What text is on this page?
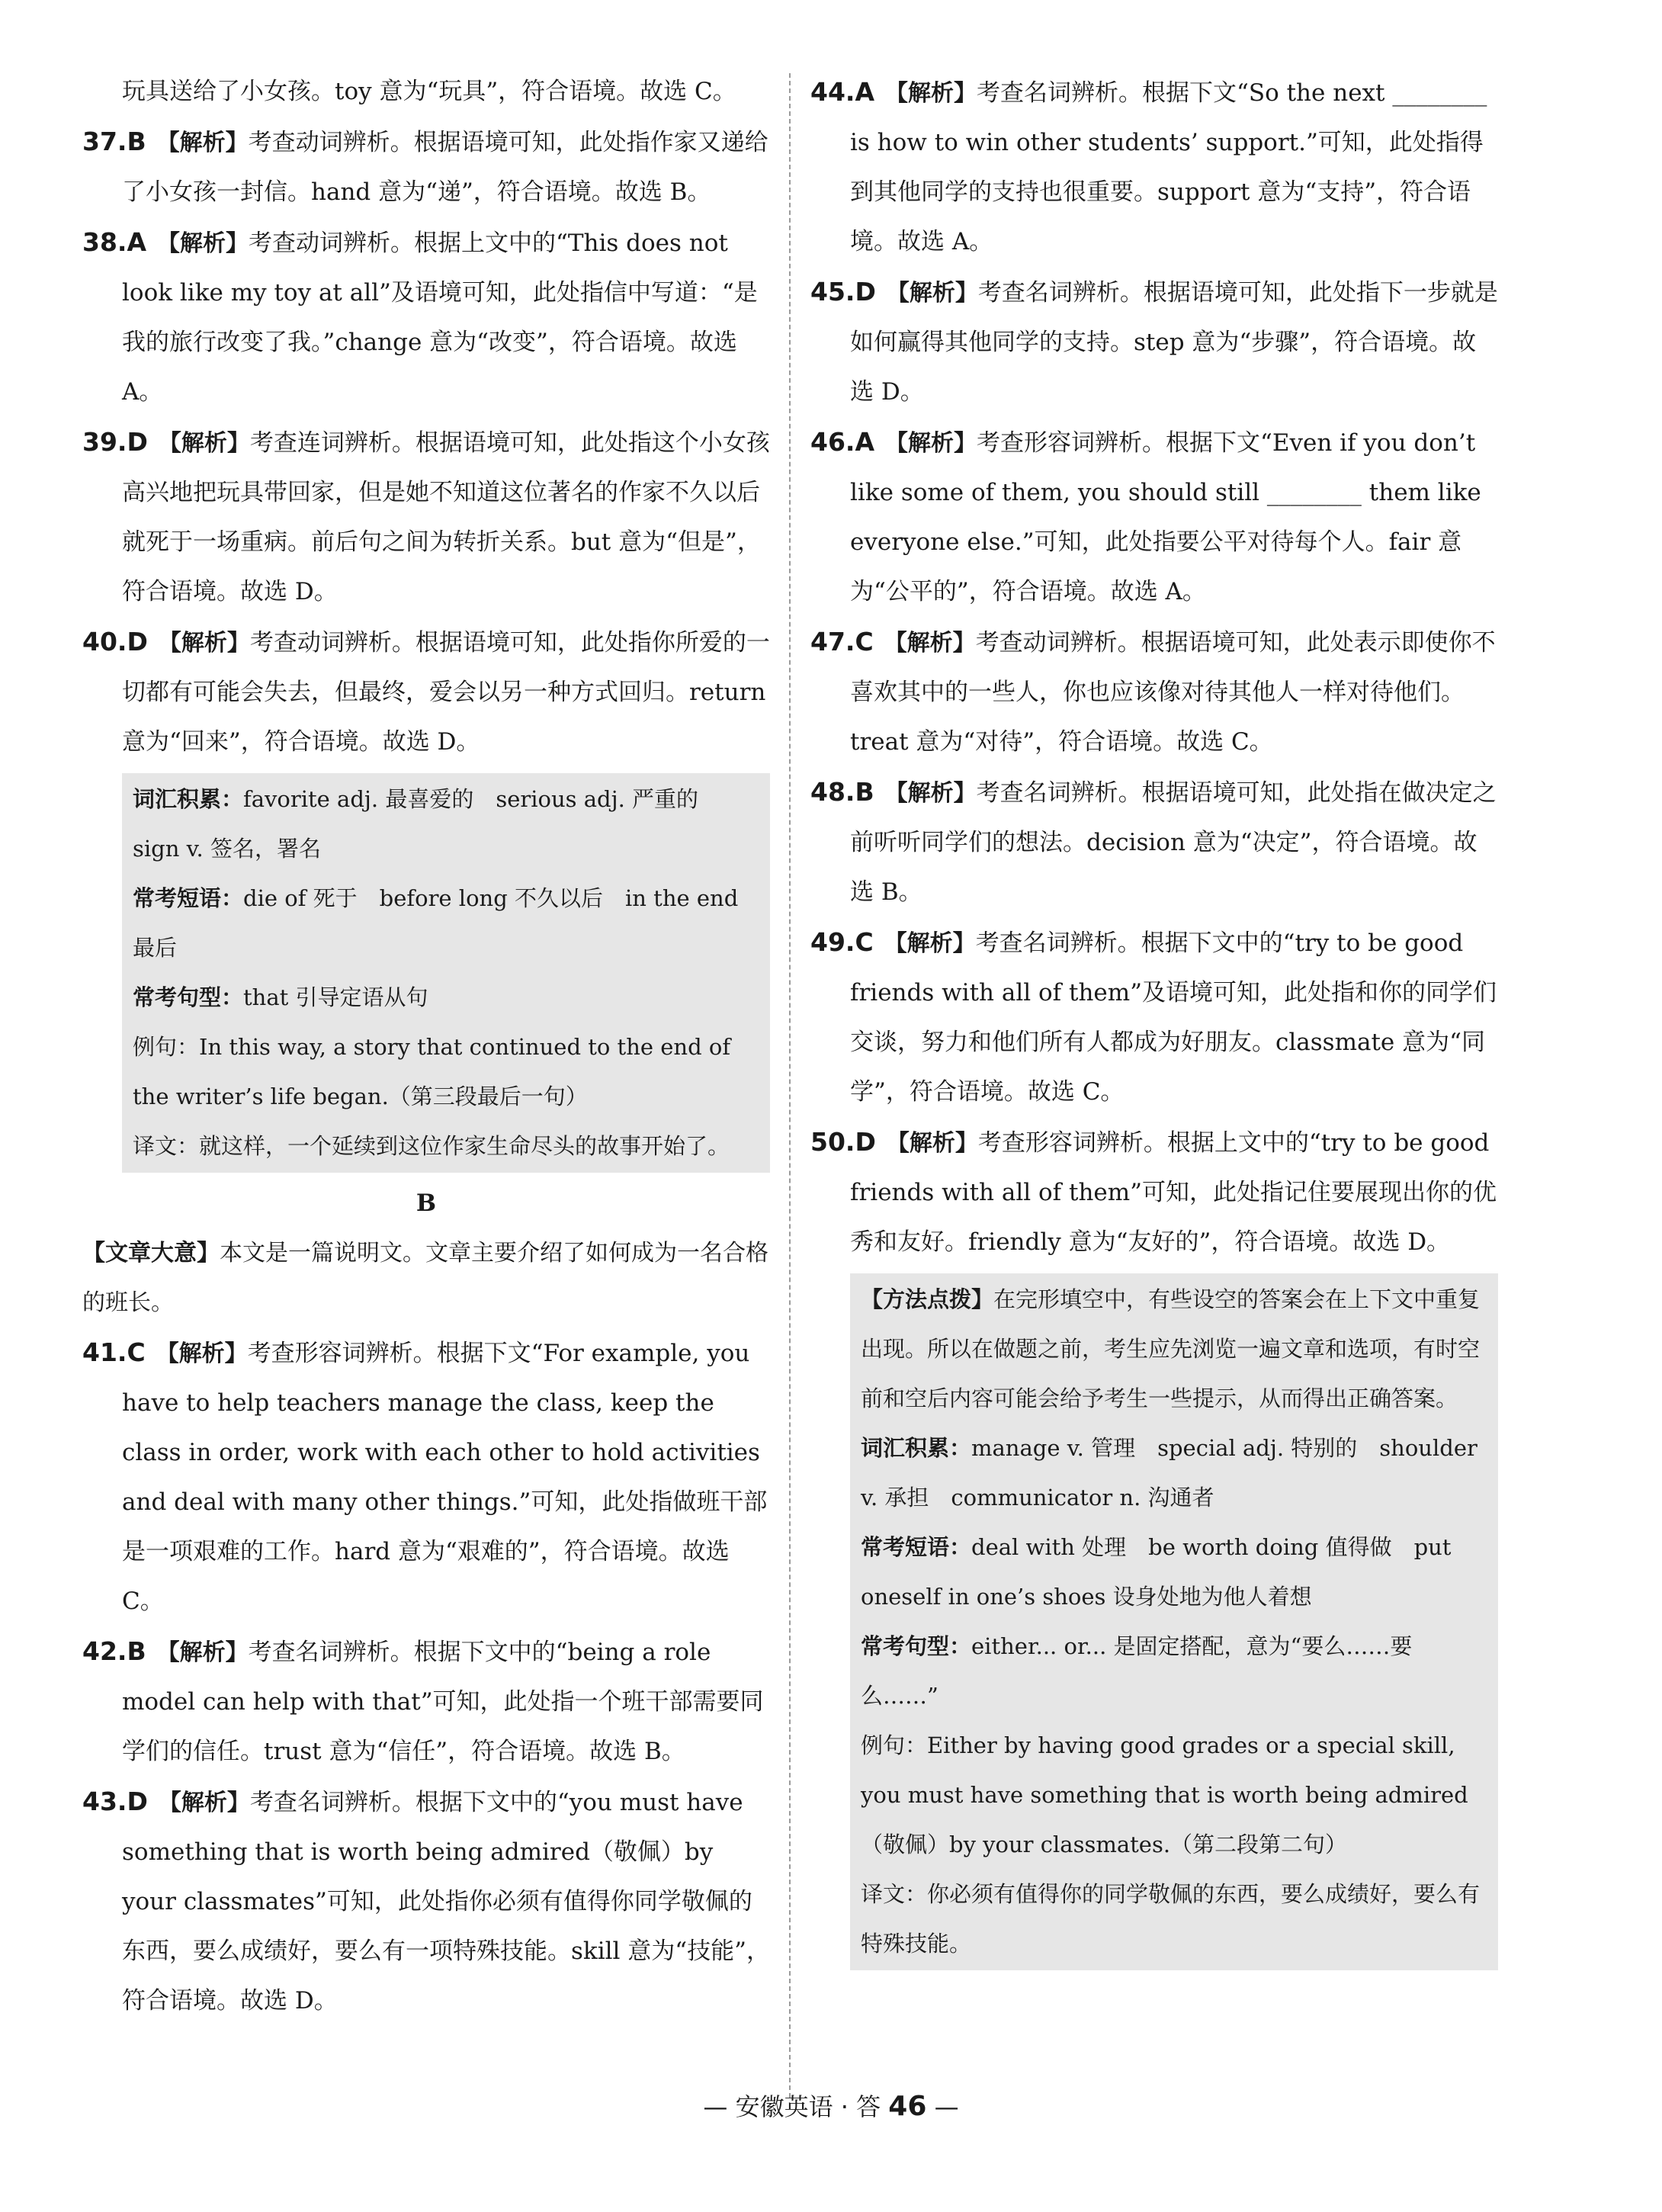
玩具送给了小女孩。toy 意为“玩具”，符合语境。故选 C。
37.B 【解析】考查动词辨析。根据语境可知，此处指作家又递给了小女孩一封信。hand 意为“递”，符合语境。故选 B。
38.A 【解析】考查动词辨析。根据上文中的“This does not look like my toy at all”及语境可知，此处指信中写道：“是我的旅行改变了我。”change 意为“改变”，符合语境。故选 A。
39.D 【解析】考查连词辨析。根据语境可知，此处指这个小女孩高兴地把玩具带回家，但是她不知道这位著名的作家不久以后就死于一场重病。前后句之间为转折关系。but 意为“但是”，符合语境。故选 D。
40.D 【解析】考查动词辨析。根据语境可知，此处指你所爱的一切都有可能会失去，但最终，爱会以另一种方式回归。return 意为“回来”，符合语境。故选 D。
词汇积累：favorite adj. 最喜爱的　serious adj. 严重的　sign v. 签名，署名
常考短语：die of 死于　before long 不久以后　in the end 最后
常考句型：that 引导定语从句
例句：In this way, a story that continued to the end of the writer’s life began.（第三段最后一句）
译文：就这样，一个延续到这位作家生命尽头的故事开始了。
B
【文章大意】本文是一篇说明文。文章主要介绍了如何成为一名合格的班长。
41.C 【解析】考查形容词辨析。根据下文“For example, you have to help teachers manage the class, keep the class in order, work with each other to hold activities and deal with many other things.”可知，此处指做班干部是一项艰难的工作。hard 意为“艰难的”，符合语境。故选 C。
42.B 【解析】考查名词辨析。根据下文中的“being a role model can help with that”可知，此处指一个班干部需要同学们的信任。trust 意为“信任”，符合语境。故选 B。
43.D 【解析】考查名词辨析。根据下文中的“you must have something that is worth being admired（敬佩）by your classmates”可知，此处指你必须有值得你同学敬佩的东西，要么成绩好，要么有一项特殊技能。skill 意为“技能”，符合语境。故选 D。
44.A 【解析】考查名词辨析。根据下文“So the next ________ is how to win other students’ support.”可知，此处指得到其他同学的支持也很重要。support 意为“支持”，符合语境。故选 A。
45.D 【解析】考查名词辨析。根据语境可知，此处指下一步就是如何赢得其他同学的支持。step 意为“步骤”，符合语境。故选 D。
46.A 【解析】考查形容词辨析。根据下文“Even if you don’t like some of them, you should still ________ them like everyone else.”可知，此处指要公平对待每个人。fair 意为“公平的”，符合语境。故选 A。
47.C 【解析】考查动词辨析。根据语境可知，此处表示即使你不喜欢其中的一些人，你也应该像对待其他人一样对待他们。treat 意为“对待”，符合语境。故选 C。
48.B 【解析】考查名词辨析。根据语境可知，此处指在做决定之前听听同学们的想法。decision 意为“决定”，符合语境。故选 B。
49.C 【解析】考查名词辨析。根据下文中的“try to be good friends with all of them”及语境可知，此处指和你的同学们交谈，努力和他们所有人都成为好朋友。classmate 意为“同学”，符合语境。故选 C。
50.D 【解析】考查形容词辨析。根据上文中的“try to be good friends with all of them”可知，此处指记住要展现出你的优秀和友好。friendly 意为“友好的”，符合语境。故选 D。
【方法点拨】在完形填空中，有些设空的答案会在上下文中重复出现。所以在做题之前，考生应先浏览一遍文章和选项，有时空前和空后内容可能会给予考生一些提示，从而得出正确答案。
词汇积累：manage v. 管理　special adj. 特别的　shoulder v. 承担　communicator n. 沟通者
常考短语：deal with 处理　be worth doing 值得做　put oneself in one’s shoes 设身处地为他人着想
常考句型：either... or... 是固定搭配，意为“要么……要么……”
例句：Either by having good grades or a special skill, you must have something that is worth being admired（敬佩）by your classmates.（第二段第二句）
译文：你必须有值得你的同学敬佩的东西，要么成绩好，要么有特殊技能。
— 安徽英语 · 答 46 —
